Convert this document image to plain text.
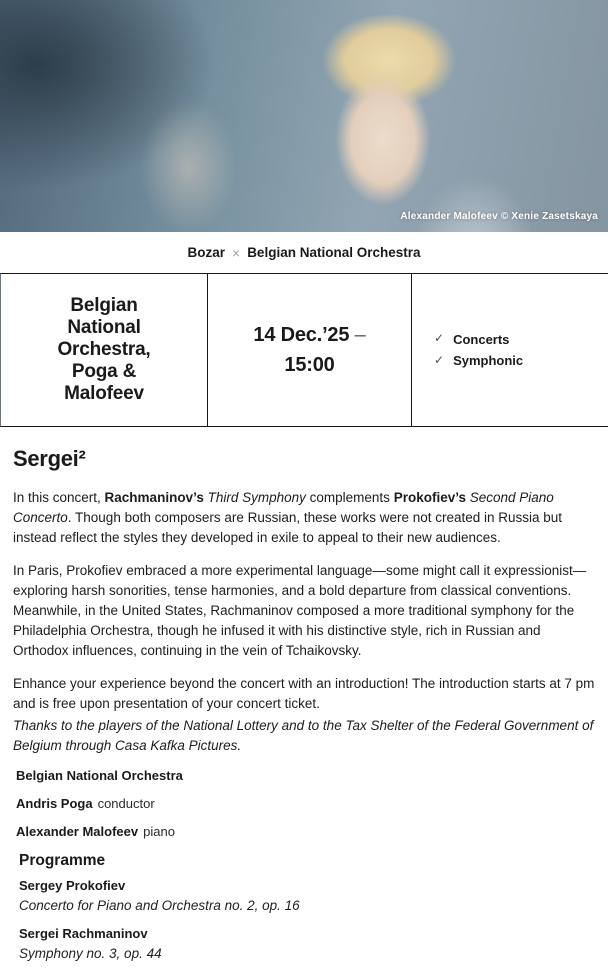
Alexander Malofeev © Xenie Zasetskaya
Bozar × Belgian National Orchestra
Belgian National Orchestra, Poga & Malofeev
14 Dec.’25 –
15:00
✓ Concerts
✓ Symphonic
Sergei²

In this concert, Rachmaninov’s Third Symphony complements Prokofiev’s Second Piano Concerto. Though both composers are Russian, these works were not created in Russia but instead reflect the styles they developed in exile to appeal to their new audiences.

In Paris, Prokofiev embraced a more experimental language—some might call it expressionist—exploring harsh sonorities, tense harmonies, and a bold departure from classical conventions. Meanwhile, in the United States, Rachmaninov composed a more traditional symphony for the Philadelphia Orchestra, though he infused it with his distinctive style, rich in Russian and Orthodox influences, continuing in the vein of Tchaikovsky.

Enhance your experience beyond the concert with an introduction! The introduction starts at 7 pm and is free upon presentation of your concert ticket.

Thanks to the players of the National Lottery and to the Tax Shelter of the Federal Government of Belgium through Casa Kafka Pictures.

Belgian National Orchestra
Andris Poga conductor
Alexander Malofeev piano
Programme
Sergey Prokofiev
Concerto for Piano and Orchestra no. 2, op. 16
Sergei Rachmaninov
Symphony no. 3, op. 44
